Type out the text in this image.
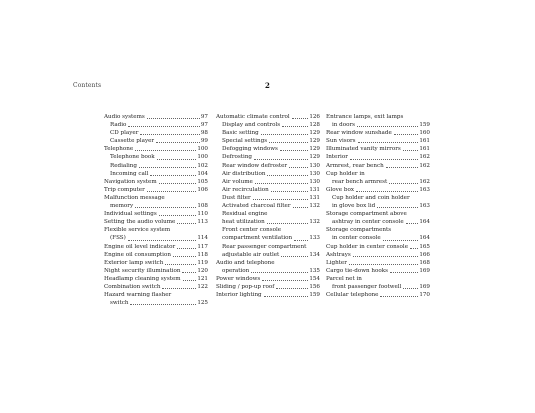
Contents	2
Audio systems	97
Radio	97
CD player	98
Cassette player	99
Telephone	100
Telephone book	100
Redialing	102
Incoming call	104
Navigation system	105
Trip computer	106
Malfunction message
memory	108
Individual settings	110
Setting the audio volume	113
Flexible service system
(FSS)	114
Engine oil level indicator	117
Engine oil consumption	118
Exterior lamp switch	119
Night security illumination	120
Headlamp cleaning system	121
Combination switch	122
Hazard warning flasher
switch	125
Automatic climate control	126
Display and controls	128
Basic setting	129
Special settings	129
Defogging windows	129
Defrosting	129
Rear window defroster	130
Air distribution	130
Air volume	130
Air recirculation	131
Dust filter	131
Activated charcoal filter	132
Residual engine
heat utilization	132
Front center console
compartment ventilation	133
Rear passenger compartment
adjustable air outlet	134
Audio and telephone
operation	135
Power windows	154
Sliding / pop-up roof	156
Interior lighting	159
Entrance lamps, exit lamps
in doors	159
Rear window sunshade	160
Sun visors	161
Illuminated vanity mirrors	161
Interior	162
Armrest, rear bench	162
Cup holder in
rear bench armrest	162
Glove box	163
Cup holder and coin holder
in glove box lid	163
Storage compartment above
ashtray in center console	164
Storage compartments
in center console	164
Cup holder in center console 165
Ashtrays	166
Lighter	168
Cargo tie-down hooks	169
Parcel net in
front passenger footwell	169
Cellular telephone	170
